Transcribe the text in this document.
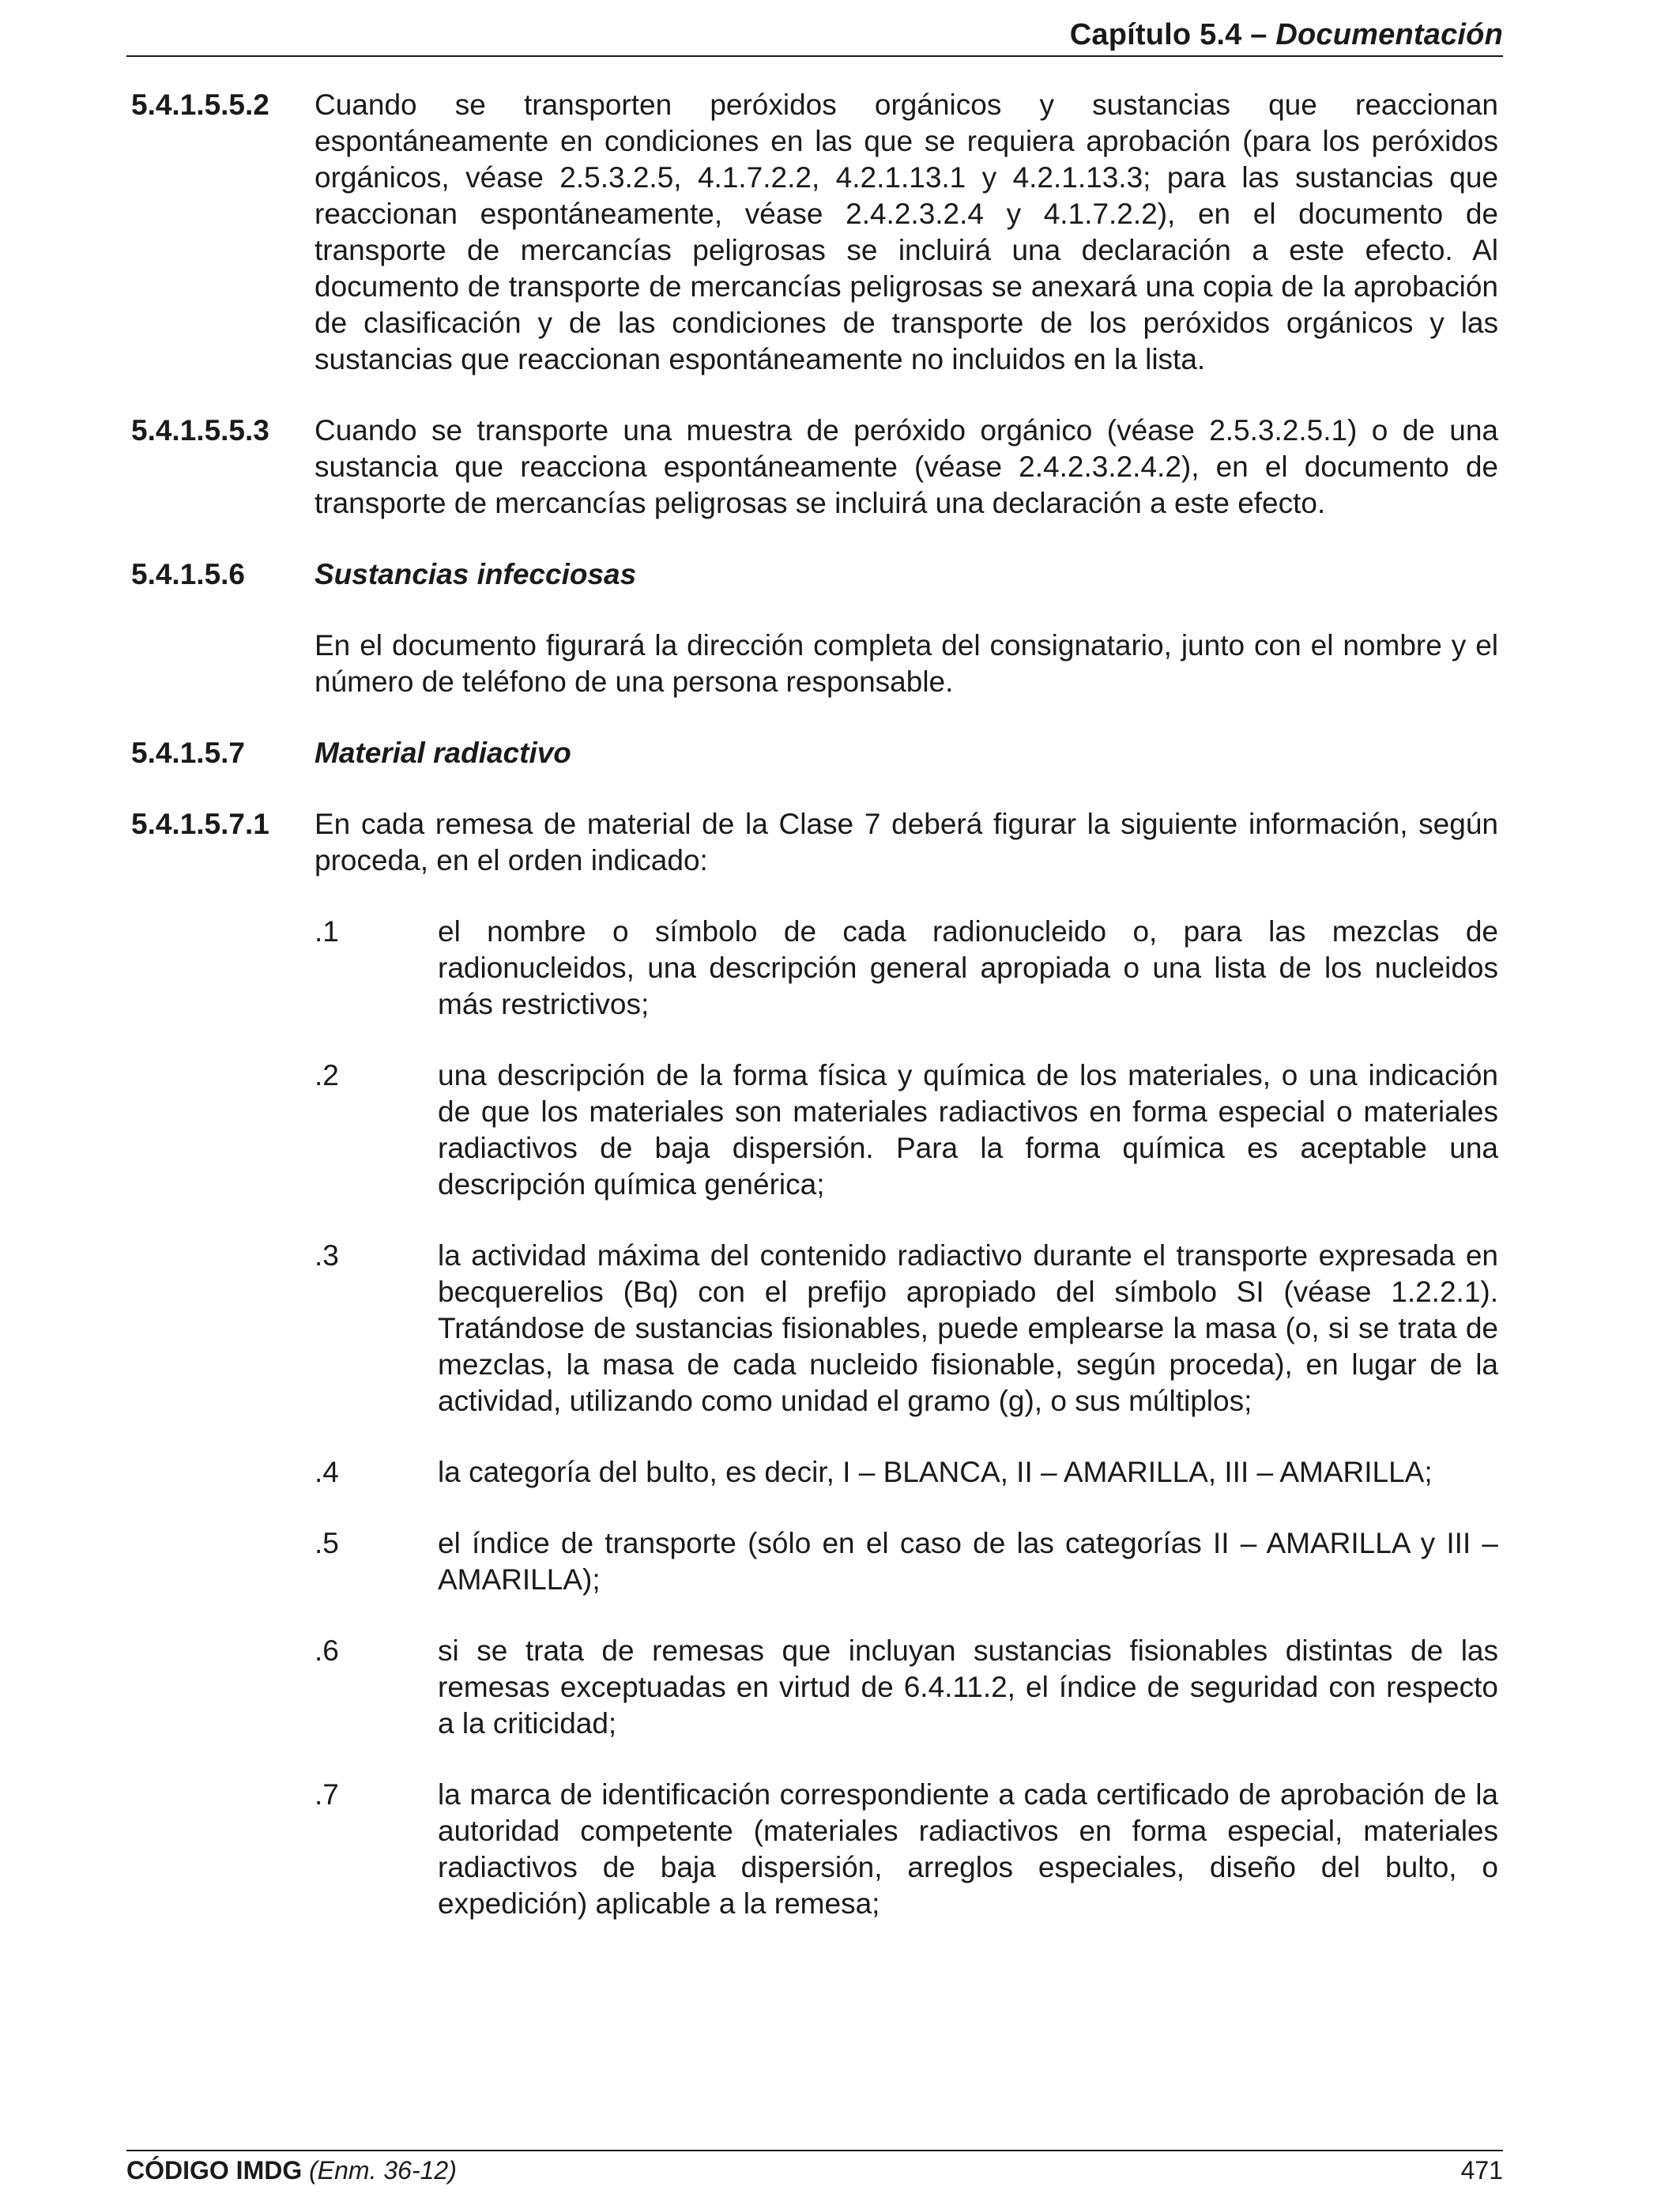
Capítulo 5.4 – Documentación
5.4.1.5.5.2	Cuando se transporten peróxidos orgánicos y sustancias que reaccionan espontáneamente en condiciones en las que se requiera aprobación (para los peróxidos orgánicos, véase 2.5.3.2.5, 4.1.7.2.2, 4.2.1.13.1 y 4.2.1.13.3; para las sustancias que reaccionan espontáneamente, véase 2.4.2.3.2.4 y 4.1.7.2.2), en el documento de transporte de mercancías peligrosas se incluirá una declaración a este efecto. Al documento de transporte de mercancías peligrosas se anexará una copia de la aprobación de clasificación y de las condiciones de transporte de los peróxidos orgánicos y las sustancias que reaccionan espontáneamente no incluidos en la lista.
5.4.1.5.5.3	Cuando se transporte una muestra de peróxido orgánico (véase 2.5.3.2.5.1) o de una sustancia que reacciona espontáneamente (véase 2.4.2.3.2.4.2), en el documento de transporte de mercancías peligrosas se incluirá una declaración a este efecto.
5.4.1.5.6	Sustancias infecciosas
En el documento figurará la dirección completa del consignatario, junto con el nombre y el número de teléfono de una persona responsable.
5.4.1.5.7	Material radiactivo
5.4.1.5.7.1	En cada remesa de material de la Clase 7 deberá figurar la siguiente información, según proceda, en el orden indicado:
.1	el nombre o símbolo de cada radionucleido o, para las mezclas de radionucleidos, una descripción general apropiada o una lista de los nucleidos más restrictivos;
.2	una descripción de la forma física y química de los materiales, o una indicación de que los materiales son materiales radiactivos en forma especial o materiales radiactivos de baja dispersión. Para la forma química es aceptable una descripción química genérica;
.3	la actividad máxima del contenido radiactivo durante el transporte expresada en becquerelios (Bq) con el prefijo apropiado del símbolo SI (véase 1.2.2.1). Tratándose de sustancias fisionables, puede emplearse la masa (o, si se trata de mezclas, la masa de cada nucleido fisionable, según proceda), en lugar de la actividad, utilizando como unidad el gramo (g), o sus múltiplos;
.4	la categoría del bulto, es decir, I – BLANCA, II – AMARILLA, III – AMARILLA;
.5	el índice de transporte (sólo en el caso de las categorías II – AMARILLA y III – AMARILLA);
.6	si se trata de remesas que incluyan sustancias fisionables distintas de las remesas exceptuadas en virtud de 6.4.11.2, el índice de seguridad con respecto a la criticidad;
.7	la marca de identificación correspondiente a cada certificado de aprobación de la autoridad competente (materiales radiactivos en forma especial, materiales radiactivos de baja dispersión, arreglos especiales, diseño del bulto, o expedición) aplicable a la remesa;
CÓDIGO IMDG (Enm. 36-12)	471
